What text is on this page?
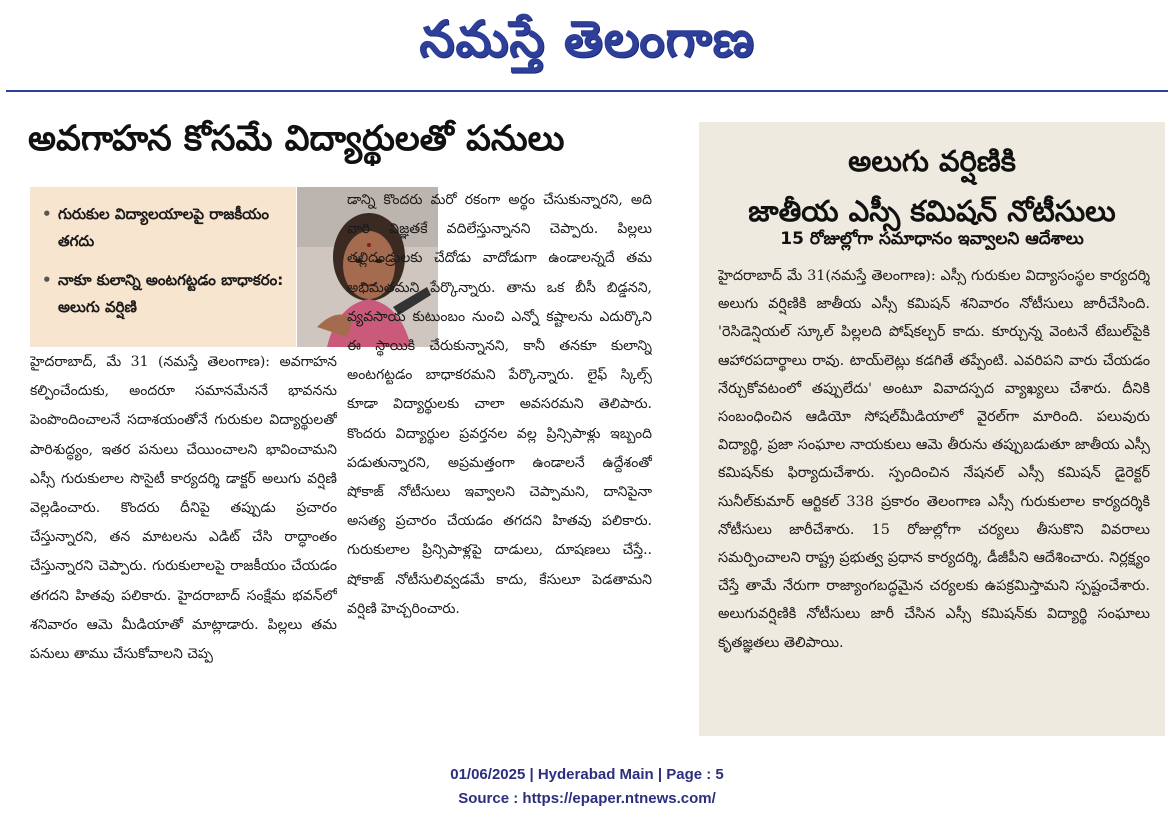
నమస్తే తెలంగాణ
అవగాహన కోసమే విద్యార్థులతో పనులు
• గురుకుల విద్యాలయాలపై రాజకీయం తగదు
• నాకూ కులాన్ని అంటగట్టడం బాధాకరం: అలుగు వర్షిణి
హైదరాబాద్, మే 31 (నమస్తే తెలంగాణ): అవగాహన కల్పించేందుకు, అందరూ సమానమేననే భావనను పెంపొందించాలనే సదాశయంతోనే గురుకుల విద్యార్థులతో పారిశుద్ధ్యం, ఇతర పనులు చేయించాలని భావించామని ఎస్సీ గురుకులాల సొసైటీ కార్యదర్శి డాక్టర్ అలుగు వర్షిణి వెల్లడించారు. కొందరు దీనిపై తప్పుడు ప్రచారం చేస్తున్నారని, తన మాటలను ఎడిట్ చేసి రాద్ధాంతం చేస్తున్నారని చెప్పారు. గురుకులాలపై రాజకీయం చేయడం తగదని హితవు పలికారు. హైదరాబాద్ సంక్షేమ భవన్‌లో శనివారం ఆమె మీడియాతో మాట్లాడారు. పిల్లలు తమ పనులు తాము చేసుకోవాలని చెప్ప
డాన్ని కొందరు మరో రకంగా అర్థం చేసుకున్నారని, అది వారి విజ్ఞతకే వదిలేస్తున్నానని చెప్పారు. పిల్లలు తల్లిదండ్రులకు చేదోడు వాదోడుగా ఉండాలన్నదే తమ అభిమతమని పేర్కొన్నారు. తాను ఒక బీసీ బిడ్డనని, వ్యవసాయ కుటుంబం నుంచి ఎన్నో కష్టాలను ఎదుర్కొని ఈ స్థాయికి చేరుకున్నానని, కానీ తనకూ కులాన్ని అంటగట్టడం బాధాకరమని పేర్కొన్నారు. లైఫ్ స్కిల్స్ కూడా విద్యార్థులకు చాలా అవసరమని తెలిపారు. కొందరు విద్యార్థుల ప్రవర్తనల వల్ల ప్రిన్సిపాళ్లు ఇబ్బంది పడుతున్నారని, అప్రమత్తంగా ఉండాలనే ఉద్దేశంతో షోకాజ్ నోటీసులు ఇవ్వాలని చెప్పామని, దానిపైనా అసత్య ప్రచారం చేయడం తగదని హితవు పలికారు. గురుకులాల ప్రిన్సిపాళ్లపై దాడులు, దూషణలు చేస్తే.. షోకాజ్ నోటీసులివ్వడమే కాదు, కేసులూ పెడతామని వర్షిణి హెచ్చరించారు.
అలుగు వర్షిణికి
జాతీయ ఎస్సీ కమిషన్ నోటీసులు
15 రోజుల్లోగా సమాధానం ఇవ్వాలని ఆదేశాలు
హైదరాబాద్ మే 31(నమస్తే తెలంగాణ): ఎస్సీ గురుకుల విద్యాసంస్థల కార్యదర్శి అలుగు వర్షిణికి జాతీయ ఎస్సీ కమిషన్ శనివారం నోటీసులు జారీచేసింది. 'రెసిడెన్షియల్ స్కూల్ పిల్లలది పోష్‌కల్చర్ కాదు. కూర్చున్న వెంటనే టేబుల్‌పైకి ఆహారపదార్థాలు రావు. టాయ్‌లెట్లు కడగితే తప్పేంటి. ఎవరిపని వారు చేయడం నేర్చుకోవటంలో తప్పులేదు' అంటూ వివాదస్పద వ్యాఖ్యలు చేశారు. దీనికి సంబంధించిన ఆడియో సోషల్‌మీడియాలో వైరల్‌గా మారింది. పలువురు విద్యార్థి, ప్రజా సంఘాల నాయకులు ఆమె తీరును తప్పుబడుతూ జాతీయ ఎస్సీ కమిషన్‌కు ఫిర్యాదుచేశారు. స్పందించిన నేషనల్ ఎస్సీ కమిషన్ డైరెక్టర్ సునీల్‌కుమార్ ఆర్టికల్ 338 ప్రకారం తెలంగాణ ఎస్సీ గురుకులాల కార్యదర్శికి నోటీసులు జారీచేశారు. 15 రోజుల్లోగా చర్యలు తీసుకొని వివరాలు సమర్పించాలని రాష్ట్ర ప్రభుత్వ ప్రధాన కార్యదర్శి, డీజీపీని ఆదేశించారు. నిర్లక్ష్యం చేస్తే తామే నేరుగా రాజ్యాంగబద్ధమైన చర్యలకు ఉపక్రమిస్తామని స్పష్టంచేశారు. అలుగువర్షిణికి నోటీసులు జారీ చేసిన ఎస్సీ కమిషన్‌కు విద్యార్థి సంఘాలు కృతజ్ఞతలు తెలిపాయి.
01/06/2025 | Hyderabad Main | Page : 5
Source : https://epaper.ntnews.com/
